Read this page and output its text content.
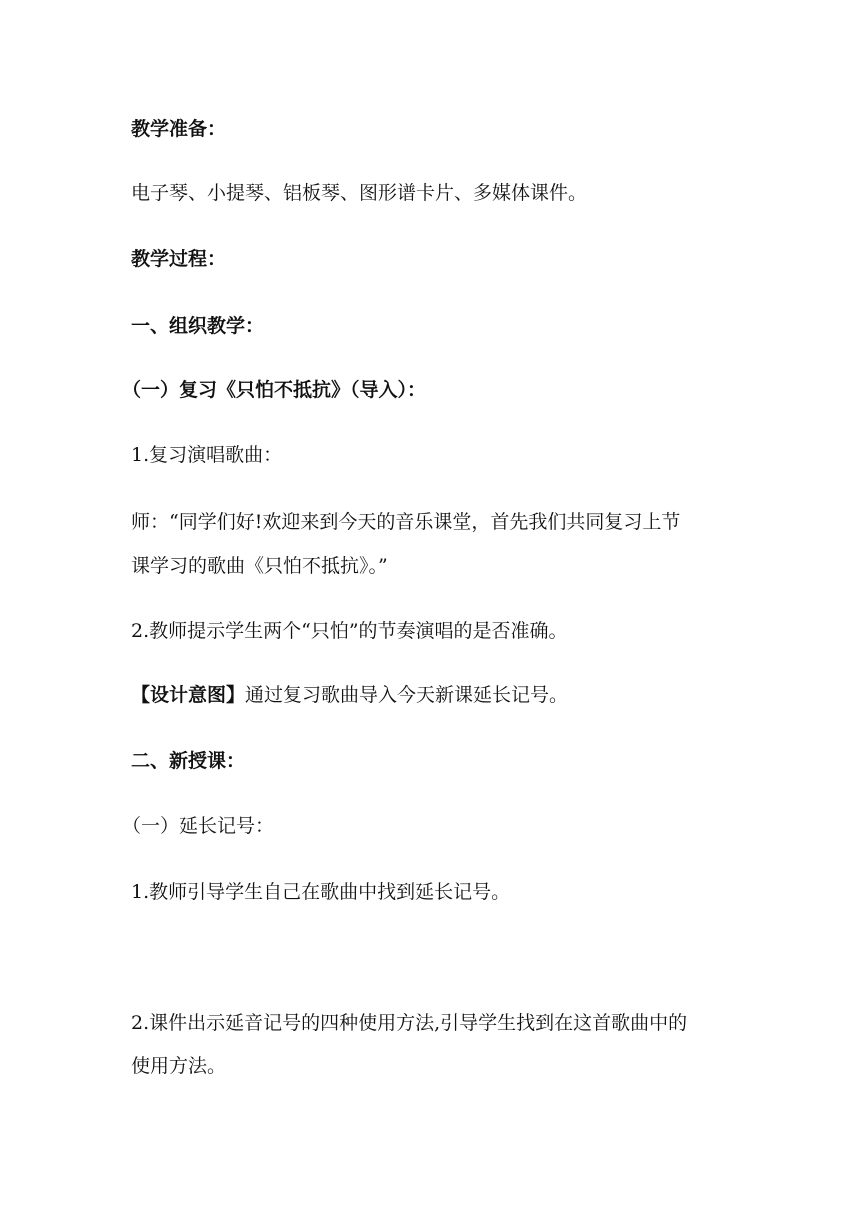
教学准备：
电子琴、小提琴、铝板琴、图形谱卡片、多媒体课件。
教学过程：
一、组织教学：
（一）复习《只怕不抵抗》（导入）：
1.复习演唱歌曲：
师：“同学们好!欢迎来到今天的音乐课堂，首先我们共同复习上节
课学习的歌曲《只怕不抵抗》。”
2.教师提示学生两个“只怕”的节奏演唱的是否准确。
【设计意图】通过复习歌曲导入今天新课延长记号。
二、新授课：
（一）延长记号：
1.教师引导学生自己在歌曲中找到延长记号。
2.课件出示延音记号的四种使用方法,引导学生找到在这首歌曲中的
使用方法。
